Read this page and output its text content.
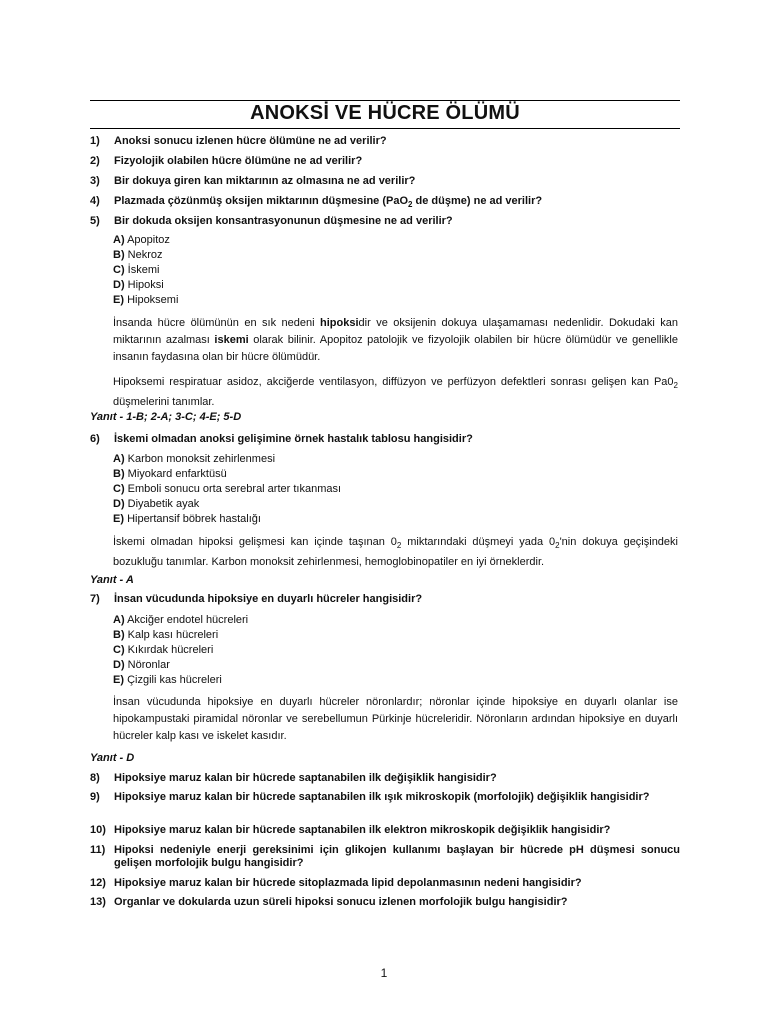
ANOKSİ VE HÜCRE ÖLÜMÜ
1) Anoksi sonucu izlenen hücre ölümüne ne ad verilir?
2) Fizyolojik olabilen hücre ölümüne ne ad verilir?
3) Bir dokuya giren kan miktarının az olmasına ne ad verilir?
4) Plazmada çözünmüş oksijen miktarının düşmesine (PaO$_2$ de düşme) ne ad verilir?
5) Bir dokuda oksijen konsantrasyonunun düşmesine ne ad verilir?
A) Apopitoz
B) Nekroz
C) İskemi
D) Hipoksi
E) Hipoksemi
İnsanda hücre ölümünün en sık nedeni hipoksidir ve oksijenin dokuya ulaşamaması nedenlidir. Dokudaki kan miktarının azalması iskemi olarak bilinir. Apopitoz patolojik ve fizyolojik olabilen bir hücre ölümüdür ve genellikle insanın faydasına olan bir hücre ölümüdür.
Hipoksemi respiratuar asidoz, akciğerde ventilasyon, diffüzyon ve perfüzyon defektleri sonrası gelişen kan $Pa0_2$ düşmelerini tanımlar.
Yanıt - 1-B; 2-A; 3-C; 4-E; 5-D
6) İskemi olmadan anoksi gelişimine örnek hastalık tablosu hangisidir?
A) Karbon monoksit zehirlenmesi
B) Miyokard enfarktüsü
C) Emboli sonucu orta serebral arter tıkanması
D) Diyabetik ayak
E) Hipertansif böbrek hastalığı
İskemi olmadan hipoksi gelişmesi kan içinde taşınan $0_2$ miktarındaki düşmeyi yada $0_2'nin$ dokuya geçişindeki bozukluğu tanımlar. Karbon monoksit zehirlenmesi, hemoglobinopatiler en iyi örneklerdir.
Yanıt - A
7) İnsan vücudunda hipoksiye en duyarlı hücreler hangisidir?
A) Akciğer endotel hücreleri
B) Kalp kası hücreleri
C) Kıkırdak hücreleri
D) Nöronlar
E) Çizgili kas hücreleri
İnsan vücudunda hipoksiye en duyarlı hücreler nöronlardır; nöronlar içinde hipoksiye en duyarlı olanlar ise hipokampustaki piramidal nöronlar ve serebellumun Pürkinje hücreleridir. Nöronların ardından hipoksiye en duyarlı hücreler kalp kası ve iskelet kasıdır.
Yanıt - D
8) Hipoksiye maruz kalan bir hücrede saptanabilen ilk değişiklik hangisidir?
9) Hipoksiye maruz kalan bir hücrede saptanabilen ilk ışık mikroskopik (morfolojik) değişiklik hangisidir?
10) Hipoksiye maruz kalan bir hücrede saptanabilen ilk elektron mikroskopik değişiklik hangisidir?
11) Hipoksi nedeniyle enerji gereksinimi için glikojen kullanımı başlayan bir hücrede pH düşmesi sonucu gelişen morfolojik bulgu hangisidir?
12) Hipoksiye maruz kalan bir hücrede sitoplazmada lipid depolanmasının nedeni hangisidir?
13) Organlar ve dokularda uzun süreli hipoksi sonucu izlenen morfolojik bulgu hangisidir?
1
